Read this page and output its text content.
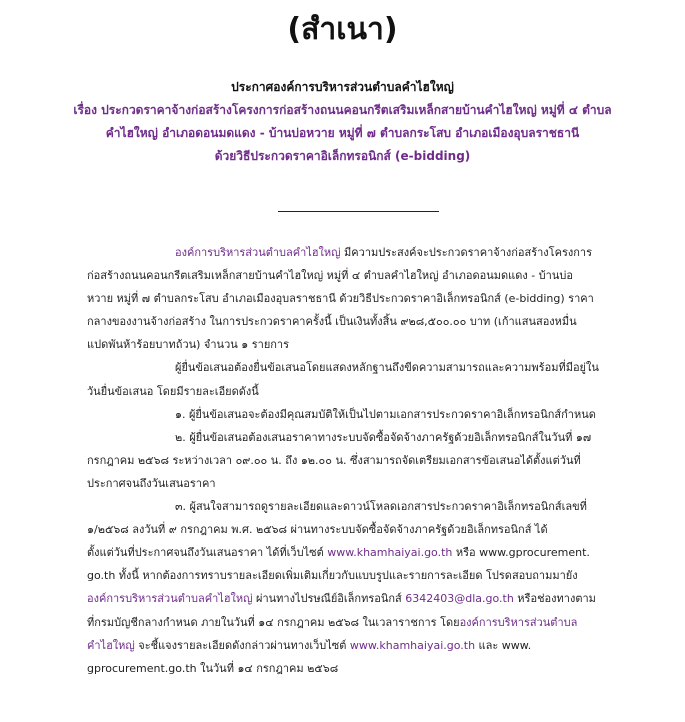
(สำเนา)
ประกาศองค์การบริหารส่วนตำบลคำไฮใหญ่
เรื่อง ประกวดราคาจ้างก่อสร้างโครงการก่อสร้างถนนคอนกรีตเสริมเหล็กสายบ้านคำไฮใหญ่ หมู่ที่ ๔ ตำบล
คำไฮใหญ่ อำเภอดอนมดแดง - บ้านบ่อหวาย หมู่ที่ ๗ ตำบลกระโสบ อำเภอเมืองอุบลราชธานี
ด้วยวิธีประกวดราคาอิเล็กทรอนิกส์ (e-bidding)
องค์การบริหารส่วนตำบลคำไฮใหญ่ มีความประสงค์จะประกวดราคาจ้างก่อสร้างโครงการ
ก่อสร้างถนนคอนกรีตเสริมเหล็กสายบ้านคำไฮใหญ่ หมู่ที่ ๔ ตำบลคำไฮใหญ่ อำเภอดอนมดแดง - บ้านบ่อ
หวาย หมู่ที่ ๗ ตำบลกระโสบ อำเภอเมืองอุบลราชธานี ด้วยวิธีประกวดราคาอิเล็กทรอนิกส์ (e-bidding) ราคา
กลางของงานจ้างก่อสร้าง ในการประกวดราคาครั้งนี้ เป็นเงินทั้งสิ้น ๙๒๘,๕๐๐.๐๐ บาท (เก้าแสนสองหมื่น
แปดพันห้าร้อยบาทถ้วน) จำนวน ๑ รายการ
ผู้ยื่นข้อเสนอต้องยื่นข้อเสนอโดยแสดงหลักฐานถึงขีดความสามารถและความพร้อมที่มีอยู่ใน
วันยื่นข้อเสนอ โดยมีรายละเอียดดังนี้
๑. ผู้ยื่นข้อเสนอจะต้องมีคุณสมบัติให้เป็นไปตามเอกสารประกวดราคาอิเล็กทรอนิกส์กำหนด
๒. ผู้ยื่นข้อเสนอต้องเสนอราคาทางระบบจัดซื้อจัดจ้างภาครัฐด้วยอิเล็กทรอนิกส์ในวันที่ ๑๗
กรกฎาคม ๒๕๖๘ ระหว่างเวลา ๐๙.๐๐ น. ถึง ๑๒.๐๐ น. ซึ่งสามารถจัดเตรียมเอกสารข้อเสนอได้ตั้งแต่วันที่
ประกาศจนถึงวันเสนอราคา
๓. ผู้สนใจสามารถดูรายละเอียดและดาวน์โหลดเอกสารประกวดราคาอิเล็กทรอนิกส์เลขที่
๑/๒๕๖๘ ลงวันที่ ๙ กรกฎาคม พ.ศ. ๒๕๖๘ ผ่านทางระบบจัดซื้อจัดจ้างภาครัฐด้วยอิเล็กทรอนิกส์ ได้
ตั้งแต่วันที่ประกาศจนถึงวันเสนอราคา ได้ที่เว็บไซต์ www.khamhaiyai.go.th หรือ www.gprocurement.
go.th ทั้งนี้ หากต้องการทราบรายละเอียดเพิ่มเติมเกี่ยวกับแบบรูปและรายการละเอียด โปรดสอบถามมายัง
องค์การบริหารส่วนตำบลคำไฮใหญ่ ผ่านทางไปรษณีย์อิเล็กทรอนิกส์ 6342403@dla.go.th หรือช่องทางตาม
ที่กรมบัญชีกลางกำหนด ภายในวันที่ ๑๔ กรกฎาคม ๒๕๖๘ ในเวลาราชการ โดยองค์การบริหารส่วนตำบล
คำไฮใหญ่ จะชี้แจงรายละเอียดดังกล่าวผ่านทางเว็บไซต์ www.khamhaiyai.go.th และ www.
gprocurement.go.th ในวันที่ ๑๔ กรกฎาคม ๒๕๖๘
